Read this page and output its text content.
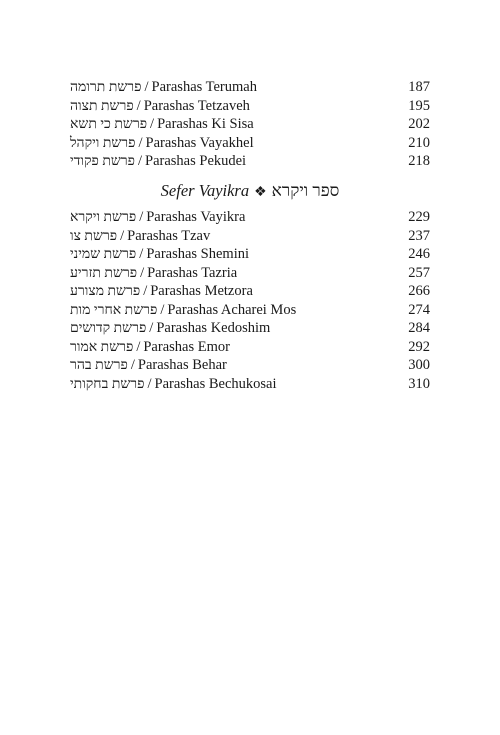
פרשת תרומה / Parashas Terumah	187
פרשת תצוה / Parashas Tetzaveh	195
פרשת כי תשא / Parashas Ki Sisa	202
פרשת ויקהל / Parashas Vayakhel	210
פרשת פקודי / Parashas Pekudei	218
Sefer Vayikra ❖ ספר ויקרא
פרשת ויקרא / Parashas Vayikra	229
פרשת צו / Parashas Tzav	237
פרשת שמיני / Parashas Shemini	246
פרשת תזריע / Parashas Tazria	257
פרשת מצורע / Parashas Metzora	266
פרשת אחרי מות / Parashas Acharei Mos	274
פרשת קדושים / Parashas Kedoshim	284
פרשת אמור / Parashas Emor	292
פרשת בהר / Parashas Behar	300
פרשת בחקותי / Parashas Bechukosai	310
